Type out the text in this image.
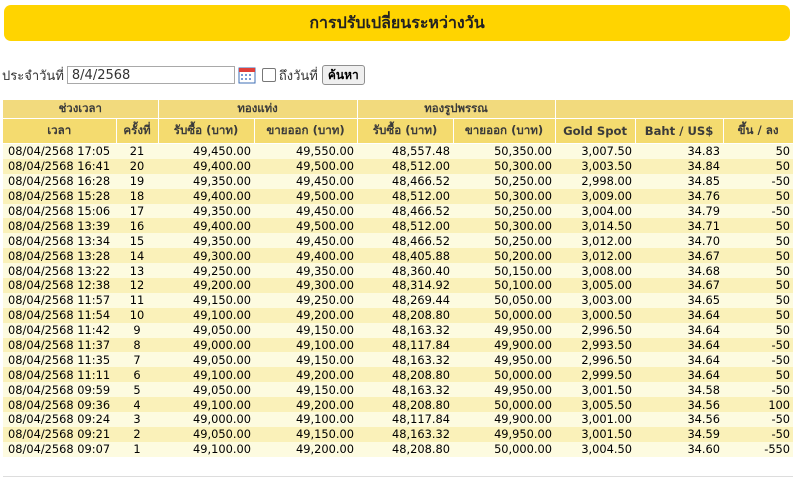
การปรับเปลี่ยนระหว่างวัน
ประจำวันที่
8/4/2568	ถึงวันที่ ค้นหา
ช่วงเวลา		ทองแท่ง		ทองรูปพรรณ				
เวลา	ครั้งที่	รับซื้อ (บาท)	ขายออก (บาท)	รับซื้อ (บาท)	ขายออก (บาท)	Gold Spot	Baht / US$	ขึ้น / ลง
08/04/2568 17:05	21	49,450.00	49,550.00	48,557.48	50,350.00	3,007.50	34.83	50
08/04/2568 16:41	20	49,400.00	49,500.00	48,512.00	50,300.00	3,003.50	34.84	50
08/04/2568 16:28	19	49,350.00	49,450.00	48,466.52	50,250.00	2,998.00	34.85	-50
08/04/2568 15:28	18	49,400.00	49,500.00	48,512.00	50,300.00	3,009.00	34.76	50
08/04/2568 15:06	17	49,350.00	49,450.00	48,466.52	50,250.00	3,004.00	34.79	-50
08/04/2568 13:39	16	49,400.00	49,500.00	48,512.00	50,300.00	3,014.50	34.71	50
08/04/2568 13:34	15	49,350.00	49,450.00	48,466.52	50,250.00	3,012.00	34.70	50
08/04/2568 13:28	14	49,300.00	49,400.00	48,405.88	50,200.00	3,012.00	34.67	50
08/04/2568 13:22	13	49,250.00	49,350.00	48,360.40	50,150.00	3,008.00	34.68	50
08/04/2568 12:38	12	49,200.00	49,300.00	48,314.92	50,100.00	3,005.00	34.67	50
08/04/2568 11:57	11	49,150.00	49,250.00	48,269.44	50,050.00	3,003.00	34.65	50
08/04/2568 11:54	10	49,100.00	49,200.00	48,208.80	50,000.00	3,000.50	34.64	50
08/04/2568 11:42	9	49,050.00	49,150.00	48,163.32	49,950.00	2,996.50	34.64	50
08/04/2568 11:37	8	49,000.00	49,100.00	48,117.84	49,900.00	2,993.50	34.64	-50
08/04/2568 11:35	7	49,050.00	49,150.00	48,163.32	49,950.00	2,996.50	34.64	-50
08/04/2568 11:11	6	49,100.00	49,200.00	48,208.80	50,000.00	2,999.50	34.64	50
08/04/2568 09:59	5	49,050.00	49,150.00	48,163.32	49,950.00	3,001.50	34.58	-50
08/04/2568 09:36	4	49,100.00	49,200.00	48,208.80	50,000.00	3,005.50	34.56	100
08/04/2568 09:24	3	49,000.00	49,100.00	48,117.84	49,900.00	3,001.00	34.56	-50
08/04/2568 09:21	2	49,050.00	49,150.00	48,163.32	49,950.00	3,001.50	34.59	-50
08/04/2568 09:07	1	49,100.00	49,200.00	48,208.80	50,000.00	3,004.50	34.60	-550
